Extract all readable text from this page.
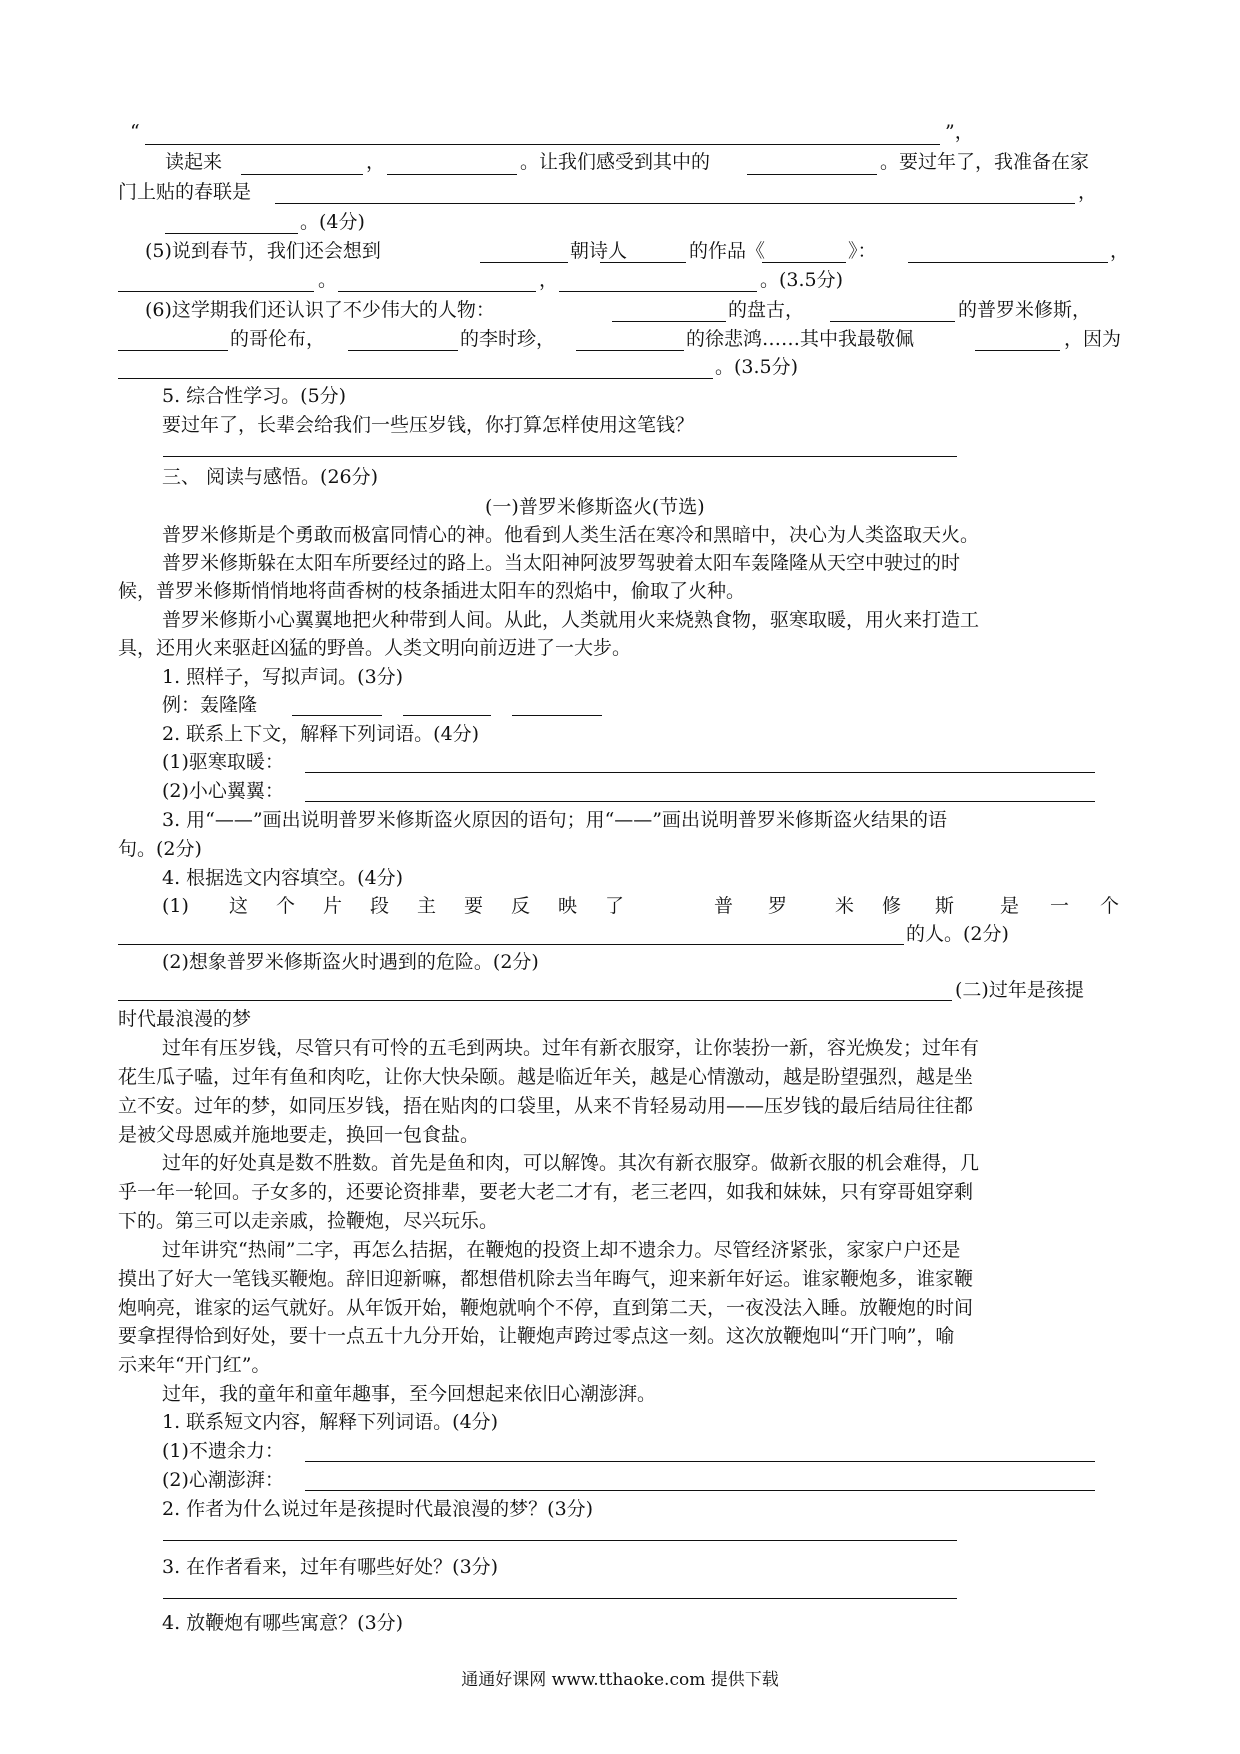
“	”，
读起来	，	。让我们感受到其中的	。要过年了，我准备在家
门上贴的春联是	，
。(4分)
(5)说到春节，我们还会想到	朝诗人	的作品《	》：	，
。	，	。(3.5分)
(6)这学期我们还认识了不少伟大的人物：	的盘古，	的普罗米修斯，
的哥伦布，	的李时珍，	的徐悲鸿……其中我最敬佩	，因为
。(3.5分)
5. 综合性学习。(5分)
要过年了，长辈会给我们一些压岁钱，你打算怎样使用这笔钱？
三、 阅读与感悟。(26分)
(一)普罗米修斯盗火(节选)
普罗米修斯是个勇敢而极富同情心的神。他看到人类生活在寒冷和黑暗中，决心为人类盗取天火。
普罗米修斯躲在太阳车所要经过的路上。当太阳神阿波罗驾驶着太阳车轰隆隆从天空中驶过的时
候，普罗米修斯悄悄地将茴香树的枝条插进太阳车的烈焰中，偷取了火种。
普罗米修斯小心翼翼地把火种带到人间。从此，人类就用火来烧熟食物，驱寒取暖，用火来打造工
具，还用火来驱赶凶猛的野兽。人类文明向前迈进了一大步。
1. 照样子，写拟声词。(3分)
例：轰隆隆
2. 联系上下文，解释下列词语。(4分)
(1)驱寒取暖：
(2)小心翼翼：
3. 用“——”画出说明普罗米修斯盗火原因的语句；用“——”画出说明普罗米修斯盗火结果的语
句。(2分)
4. 根据选文内容填空。(4分)
(1) 这 个 片 段 主 要 反 映 了	普 罗	米 修 斯 是 一 个
的人。(2分)
(2)想象普罗米修斯盗火时遇到的危险。(2分)
(二)过年是孩提
时代最浪漫的梦
过年有压岁钱，尽管只有可怜的五毛到两块。过年有新衣服穿，让你装扮一新，容光焕发；过年有
花生瓜子嗑，过年有鱼和肉吃，让你大快朵颐。越是临近年关，越是心情激动，越是盼望强烈，越是坐
立不安。过年的梦，如同压岁钱，捂在贴肉的口袋里，从来不肯轻易动用——压岁钱的最后结局往往都
是被父母恩威并施地要走，换回一包食盐。
过年的好处真是数不胜数。首先是鱼和肉，可以解馋。其次有新衣服穿。做新衣服的机会难得，几
乎一年一轮回。子女多的，还要论资排辈，要老大老二才有，老三老四，如我和妹妹，只有穿哥姐穿剩
下的。第三可以走亲戚，捡鞭炮，尽兴玩乐。
过年讲究“热闹”二字，再怎么拮据，在鞭炮的投资上却不遗余力。尽管经济紧张，家家户户还是
摸出了好大一笔钱买鞭炮。辞旧迎新嘛，都想借机除去当年晦气，迎来新年好运。谁家鞭炮多，谁家鞭
炮响亮，谁家的运气就好。从年饭开始，鞭炮就响个不停，直到第二天，一夜没法入睡。放鞭炮的时间
要拿捏得恰到好处，要十一点五十九分开始，让鞭炮声跨过零点这一刻。这次放鞭炮叫“开门响”，喻
示来年“开门红”。
过年，我的童年和童年趣事，至今回想起来依旧心潮澎湃。
1. 联系短文内容，解释下列词语。(4分)
(1)不遗余力：
(2)心潮澎湃：
2. 作者为什么说过年是孩提时代最浪漫的梦？(3分)
3. 在作者看来，过年有哪些好处？(3分)
4. 放鞭炮有哪些寓意？(3分)
通通好课网 www.tthaoke.com 提供下载
